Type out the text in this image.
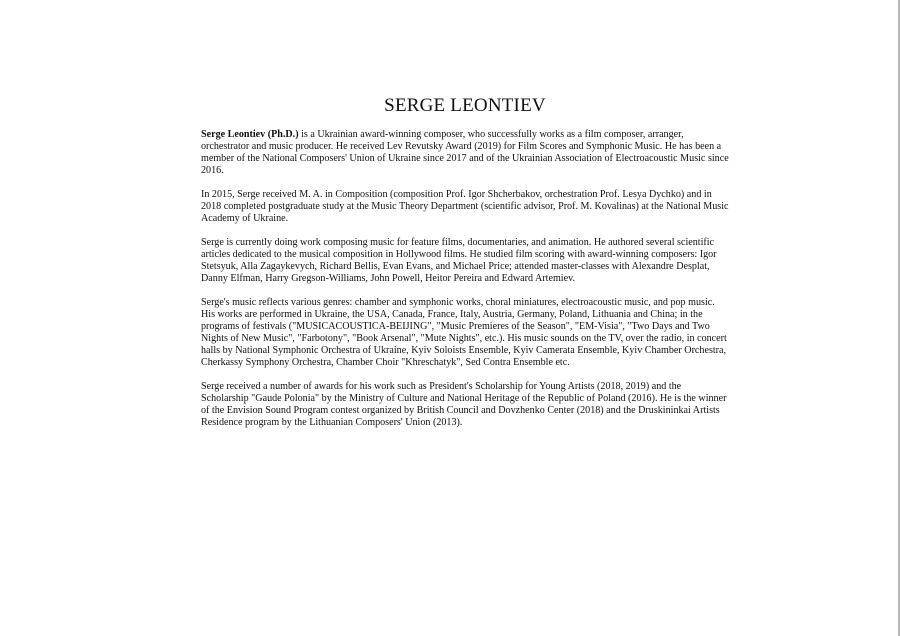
SERGE LEONTIEV

Serge Leontiev (Ph.D.) is a Ukrainian award-winning composer, who successfully works as a film composer, arranger, orchestrator and music producer. He received Lev Revutsky Award (2019) for Film Scores and Symphonic Music. He has been a member of the National Composers' Union of Ukraine since 2017 and of the Ukrainian Association of Electroacoustic Music since 2016.

In 2015, Serge received M. A. in Composition (composition Prof. Igor Shcherbakov, orchestration Prof. Lesya Dychko) and in 2018 completed postgraduate study at the Music Theory Department (scientific advisor, Prof. M. Kovalinas) at the National Music Academy of Ukraine.

Serge is currently doing work composing music for feature films, documentaries, and animation. He authored several scientific articles dedicated to the musical composition in Hollywood films. He studied film scoring with award-winning composers: Igor Stetsyuk, Alla Zagaykevych, Richard Bellis, Evan Evans, and Michael Price; attended master-classes with Alexandre Desplat, Danny Elfman, Harry Gregson-Williams, John Powell, Heitor Pereira and Edward Artemiev.

Serge's music reflects various genres: chamber and symphonic works, choral miniatures, electroacoustic music, and pop music. His works are performed in Ukraine, the USA, Canada, France, Italy, Austria, Germany, Poland, Lithuania and China; in the programs of festivals ("MUSICACOUSTICA-BEIJING", "Music Premieres of the Season", "EM-Visia", "Two Days and Two Nights of New Music", "Farbotony", "Book Arsenal", "Mute Nights", etc.). His music sounds on the TV, over the radio, in concert halls by National Symphonic Orchestra of Ukraine, Kyiv Soloists Ensemble, Kyiv Camerata Ensemble, Kyiv Chamber Orchestra, Cherkassy Symphony Orchestra, Chamber Choir "Khreschatyk", Sed Contra Ensemble etc.

Serge received a number of awards for his work such as President's Scholarship for Young Artists (2018, 2019) and the Scholarship "Gaude Polonia" by the Ministry of Culture and National Heritage of the Republic of Poland (2016). He is the winner of the Envision Sound Program contest organized by British Council and Dovzhenko Center (2018) and the Druskininkai Artists Residence program by the Lithuanian Composers' Union (2013).
